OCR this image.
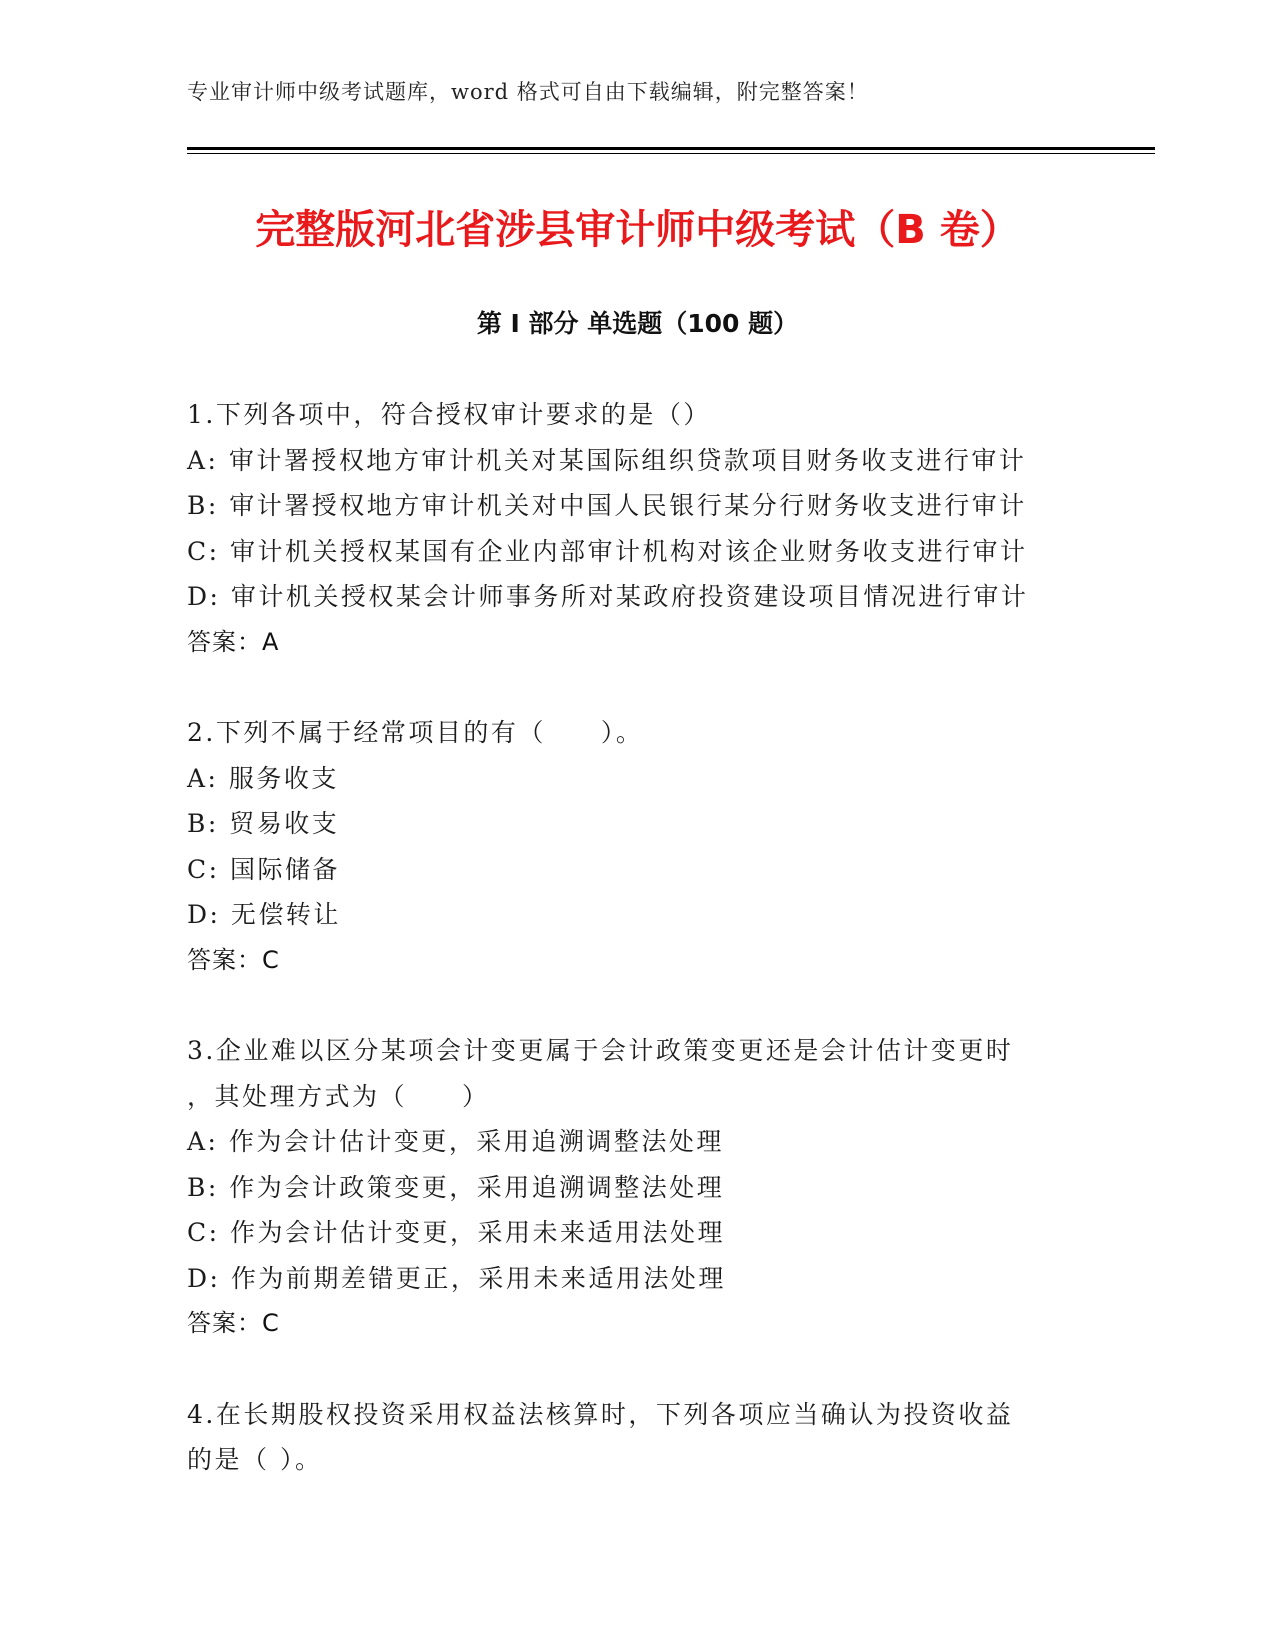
专业审计师中级考试题库，word 格式可自由下载编辑，附完整答案！
完整版河北省涉县审计师中级考试（B 卷）
第 I 部分 单选题（100 题）
1.下列各项中，符合授权审计要求的是（）
A: 审计署授权地方审计机关对某国际组织贷款项目财务收支进行审计
B: 审计署授权地方审计机关对中国人民银行某分行财务收支进行审计
C: 审计机关授权某国有企业内部审计机构对该企业财务收支进行审计
D: 审计机关授权某会计师事务所对某政府投资建设项目情况进行审计
答案：A
2.下列不属于经常项目的有（　　）。
A: 服务收支
B: 贸易收支
C: 国际储备
D: 无偿转让
答案：C
3.企业难以区分某项会计变更属于会计政策变更还是会计估计变更时
，其处理方式为（　　）
A: 作为会计估计变更，采用追溯调整法处理
B: 作为会计政策变更，采用追溯调整法处理
C: 作为会计估计变更，采用未来适用法处理
D: 作为前期差错更正，采用未来适用法处理
答案：C
4.在长期股权投资采用权益法核算时，下列各项应当确认为投资收益
的是（ ）。
